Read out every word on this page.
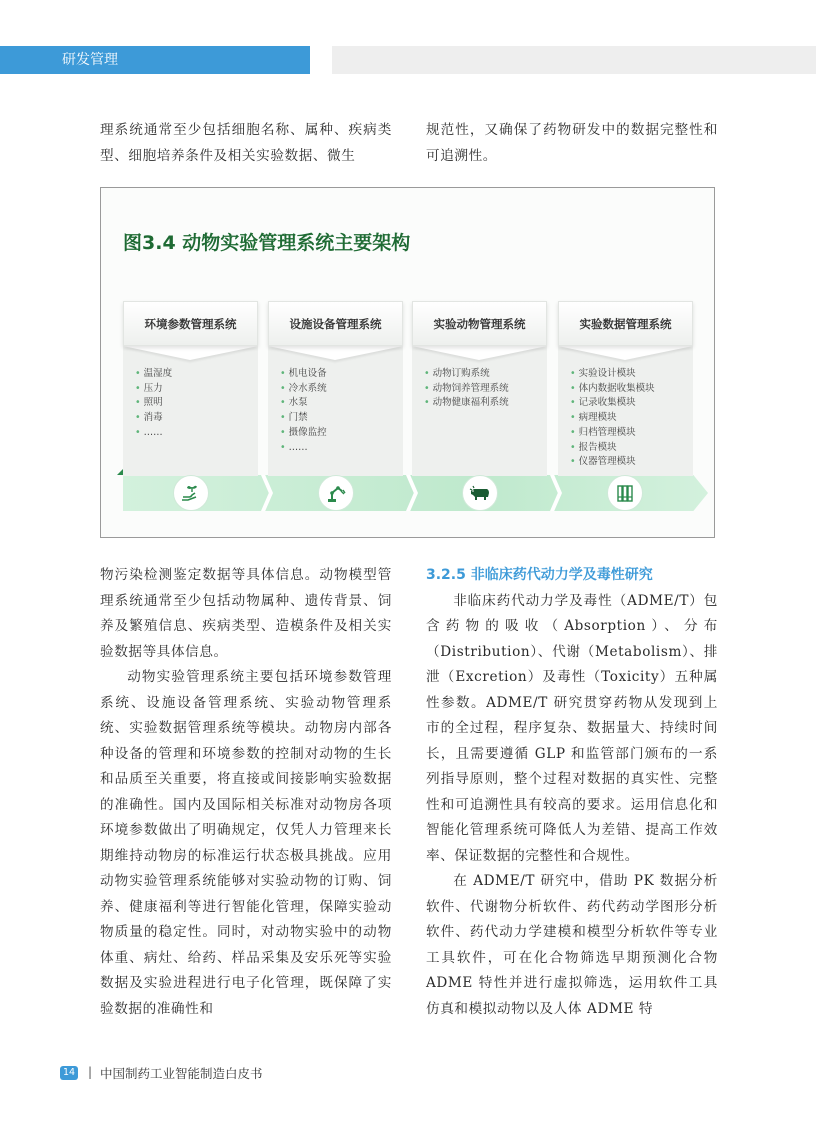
研发管理

理系统通常至少包括细胞名称、属种、疾病类型、细胞培养条件及相关实验数据、微生

规范性，又确保了药物研发中的数据完整性和可追溯性。

图3.4 动物实验管理系统主要架构
环境参数管理系统
• 温湿度
• 压力
• 照明
• 消毒
• ……
设施设备管理系统
• 机电设备
• 冷水系统
• 水泵
• 门禁
• 摄像监控
• ……
实验动物管理系统
• 动物订购系统
• 动物饲养管理系统
• 动物健康福利系统
实验数据管理系统
• 实验设计模块
• 体内数据收集模块
• 记录收集模块
• 病理模块
• 归档管理模块
• 报告模块
• 仪器管理模块

物污染检测鉴定数据等具体信息。动物模型管理系统通常至少包括动物属种、遗传背景、饲养及繁殖信息、疾病类型、造模条件及相关实验数据等具体信息。

动物实验管理系统主要包括环境参数管理系统、设施设备管理系统、实验动物管理系统、实验数据管理系统等模块。动物房内部各种设备的管理和环境参数的控制对动物的生长和品质至关重要，将直接或间接影响实验数据的准确性。国内及国际相关标准对动物房各项环境参数做出了明确规定，仅凭人力管理来长期维持动物房的标准运行状态极具挑战。应用动物实验管理系统能够对实验动物的订购、饲养、健康福利等进行智能化管理，保障实验动物质量的稳定性。同时，对动物实验中的动物体重、病灶、给药、样品采集及安乐死等实验数据及实验进程进行电子化管理，既保障了实验数据的准确性和

3.2.5 非临床药代动力学及毒性研究

非临床药代动力学及毒性（ADME/T）包含药物的吸收（Absorption）、分布（Distribution）、代谢（Metabolism）、排泄（Excretion）及毒性（Toxicity）五种属性参数。ADME/T 研究贯穿药物从发现到上市的全过程，程序复杂、数据量大、持续时间长，且需要遵循 GLP 和监管部门颁布的一系列指导原则，整个过程对数据的真实性、完整性和可追溯性具有较高的要求。运用信息化和智能化管理系统可降低人为差错、提高工作效率、保证数据的完整性和合规性。

在 ADME/T 研究中，借助 PK 数据分析软件、代谢物分析软件、药代药动学图形分析软件、药代动力学建模和模型分析软件等专业工具软件，可在化合物筛选早期预测化合物 ADME 特性并进行虚拟筛选，运用软件工具仿真和模拟动物以及人体 ADME 特

14 | 中国制药工业智能制造白皮书
